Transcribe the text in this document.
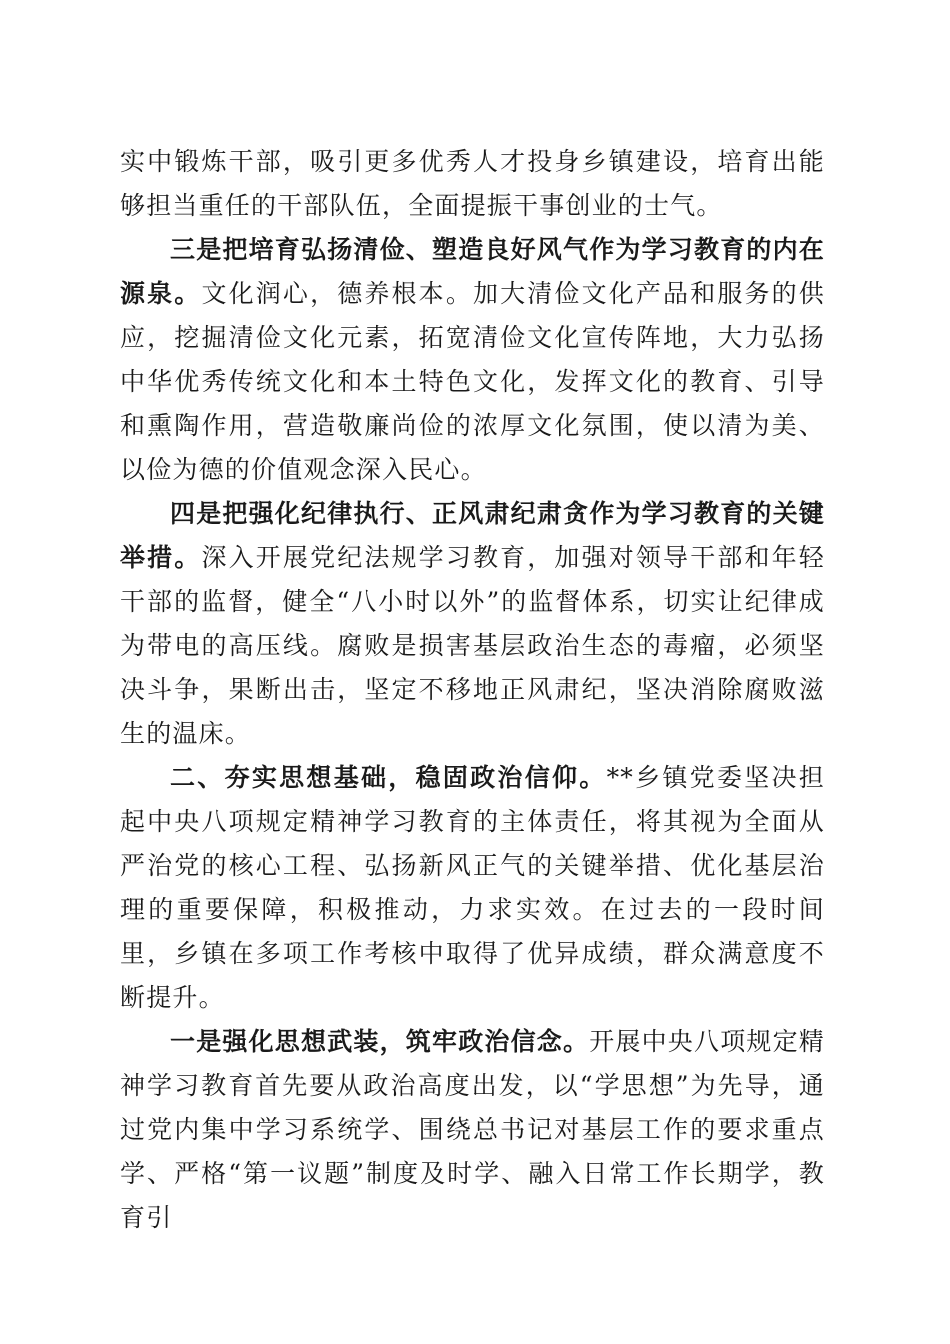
实中锻炼干部，吸引更多优秀人才投身乡镇建设，培育出能够担当重任的干部队伍，全面提振干事创业的士气。

三是把培育弘扬清俭、塑造良好风气作为学习教育的内在源泉。文化润心，德养根本。加大清俭文化产品和服务的供应，挖掘清俭文化元素，拓宽清俭文化宣传阵地，大力弘扬中华优秀传统文化和本土特色文化，发挥文化的教育、引导和熏陶作用，营造敬廉尚俭的浓厚文化氛围，使以清为美、以俭为德的价值观念深入民心。

四是把强化纪律执行、正风肃纪肃贪作为学习教育的关键举措。深入开展党纪法规学习教育，加强对领导干部和年轻干部的监督，健全“八小时以外”的监督体系，切实让纪律成为带电的高压线。腐败是损害基层政治生态的毒瘤，必须坚决斗争，果断出击，坚定不移地正风肃纪，坚决消除腐败滋生的温床。

二、夯实思想基础，稳固政治信仰。**乡镇党委坚决担起中央八项规定精神学习教育的主体责任，将其视为全面从严治党的核心工程、弘扬新风正气的关键举措、优化基层治理的重要保障，积极推动，力求实效。在过去的一段时间里，乡镇在多项工作考核中取得了优异成绩，群众满意度不断提升。

一是强化思想武装，筑牢政治信念。开展中央八项规定精神学习教育首先要从政治高度出发，以“学思想”为先导，通过党内集中学习系统学、围绕总书记对基层工作的要求重点学、严格“第一议题”制度及时学、融入日常工作长期学，教育引
